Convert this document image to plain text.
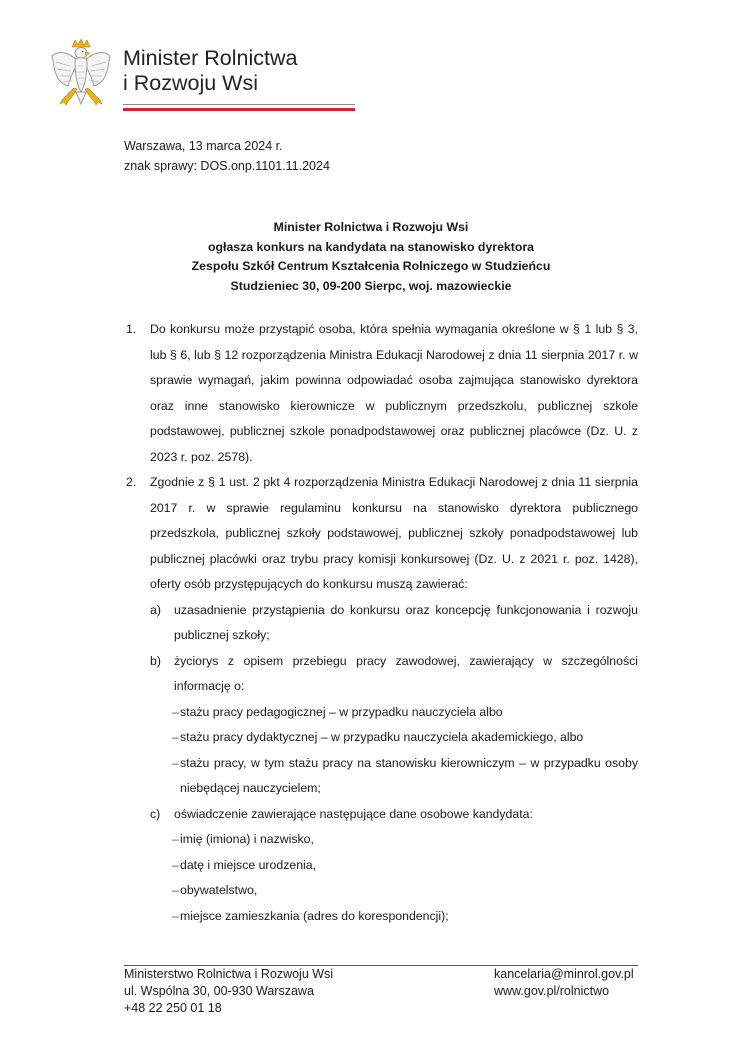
Minister Rolnictwa
i Rozwoju Wsi
Warszawa, 13 marca 2024 r.
znak sprawy: DOS.onp.1101.11.2024
Minister Rolnictwa i Rozwoju Wsi
ogłasza konkurs na kandydata na stanowisko dyrektora
Zespołu Szkół Centrum Kształcenia Rolniczego w Studzieńcu
Studzieniec 30, 09-200 Sierpc, woj. mazowieckie
1. Do konkursu może przystąpić osoba, która spełnia wymagania określone w § 1 lub § 3, lub § 6, lub § 12 rozporządzenia Ministra Edukacji Narodowej z dnia 11 sierpnia 2017 r. w sprawie wymagań, jakim powinna odpowiadać osoba zajmująca stanowisko dyrektora oraz inne stanowisko kierownicze w publicznym przedszkolu, publicznej szkole podstawowej, publicznej szkole ponadpodstawowej oraz publicznej placówce (Dz. U. z 2023 r. poz. 2578).
2. Zgodnie z § 1 ust. 2 pkt 4 rozporządzenia Ministra Edukacji Narodowej z dnia 11 sierpnia 2017 r. w sprawie regulaminu konkursu na stanowisko dyrektora publicznego przedszkola, publicznej szkoły podstawowej, publicznej szkoły ponadpodstawowej lub publicznej placówki oraz trybu pracy komisji konkursowej (Dz. U. z 2021 r. poz. 1428), oferty osób przystępujących do konkursu muszą zawierać:
a) uzasadnienie przystąpienia do konkursu oraz koncepcję funkcjonowania i rozwoju publicznej szkoły;
b) życiorys z opisem przebiegu pracy zawodowej, zawierający w szczególności informację o:
– stażu pracy pedagogicznej – w przypadku nauczyciela albo
– stażu pracy dydaktycznej – w przypadku nauczyciela akademickiego, albo
– stażu pracy, w tym stażu pracy na stanowisku kierowniczym – w przypadku osoby niebędącej nauczycielem;
c) oświadczenie zawierające następujące dane osobowe kandydata:
– imię (imiona) i nazwisko,
– datę i miejsce urodzenia,
– obywatelstwo,
– miejsce zamieszkania (adres do korespondencji);
Ministerstwo Rolnictwa i Rozwoju Wsi
ul. Wspólna 30, 00-930 Warszawa
+48 22 250 01 18
kancelaria@minrol.gov.pl
www.gov.pl/rolnictwo
